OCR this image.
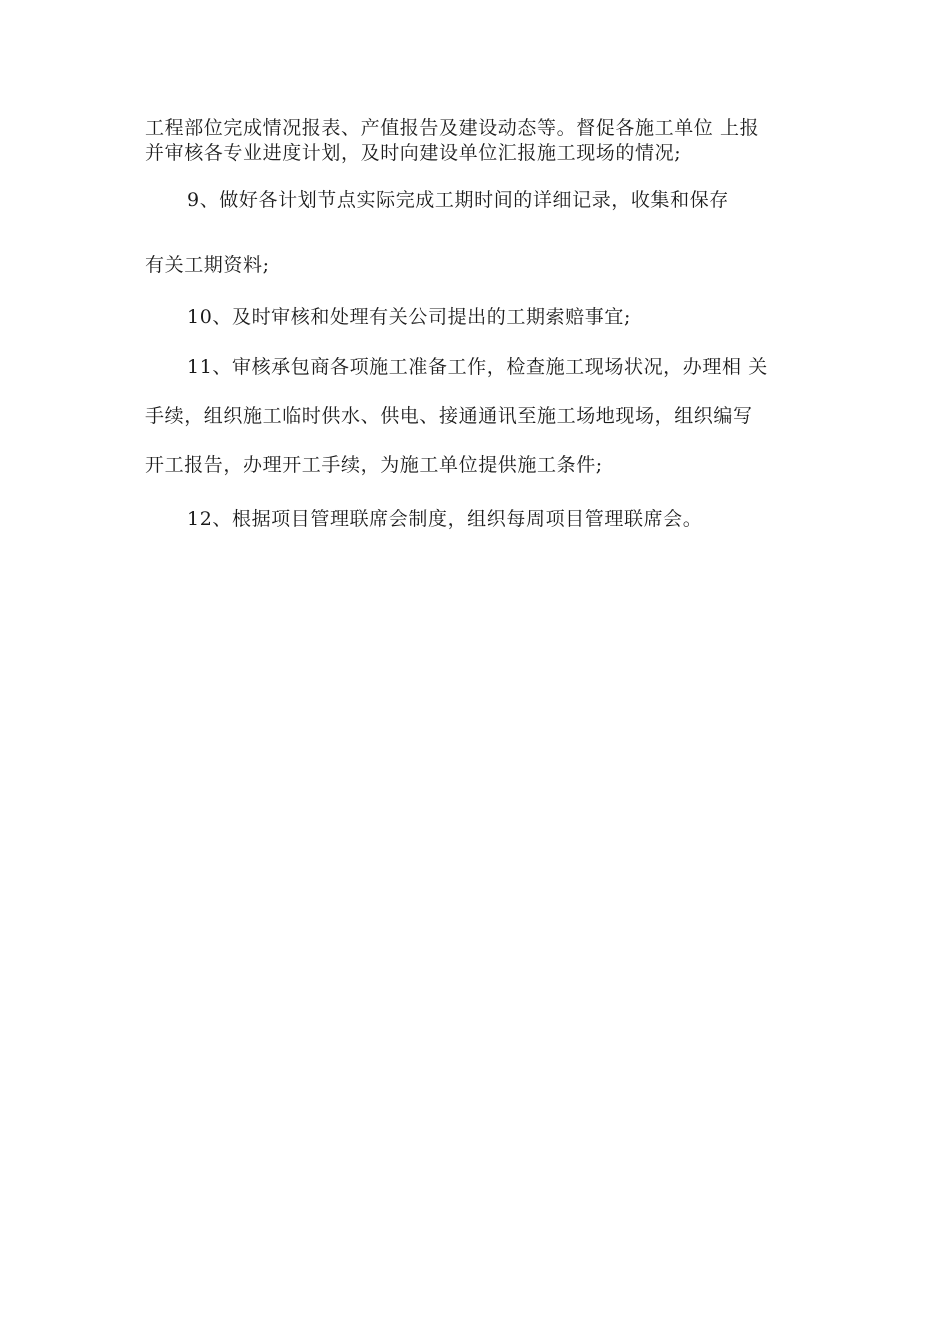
工程部位完成情况报表、产值报告及建设动态等。督促各施工单位 上报
并审核各专业进度计划，及时向建设单位汇报施工现场的情况;
9、做好各计划节点实际完成工期时间的详细记录，收集和保存
有关工期资料;
10、及时审核和处理有关公司提出的工期索赔事宜;
11、审核承包商各项施工准备工作，检查施工现场状况，办理相 关
手续，组织施工临时供水、供电、接通通讯至施工场地现场，组织编写
开工报告，办理开工手续，为施工单位提供施工条件;
12、根据项目管理联席会制度，组织每周项目管理联席会。
